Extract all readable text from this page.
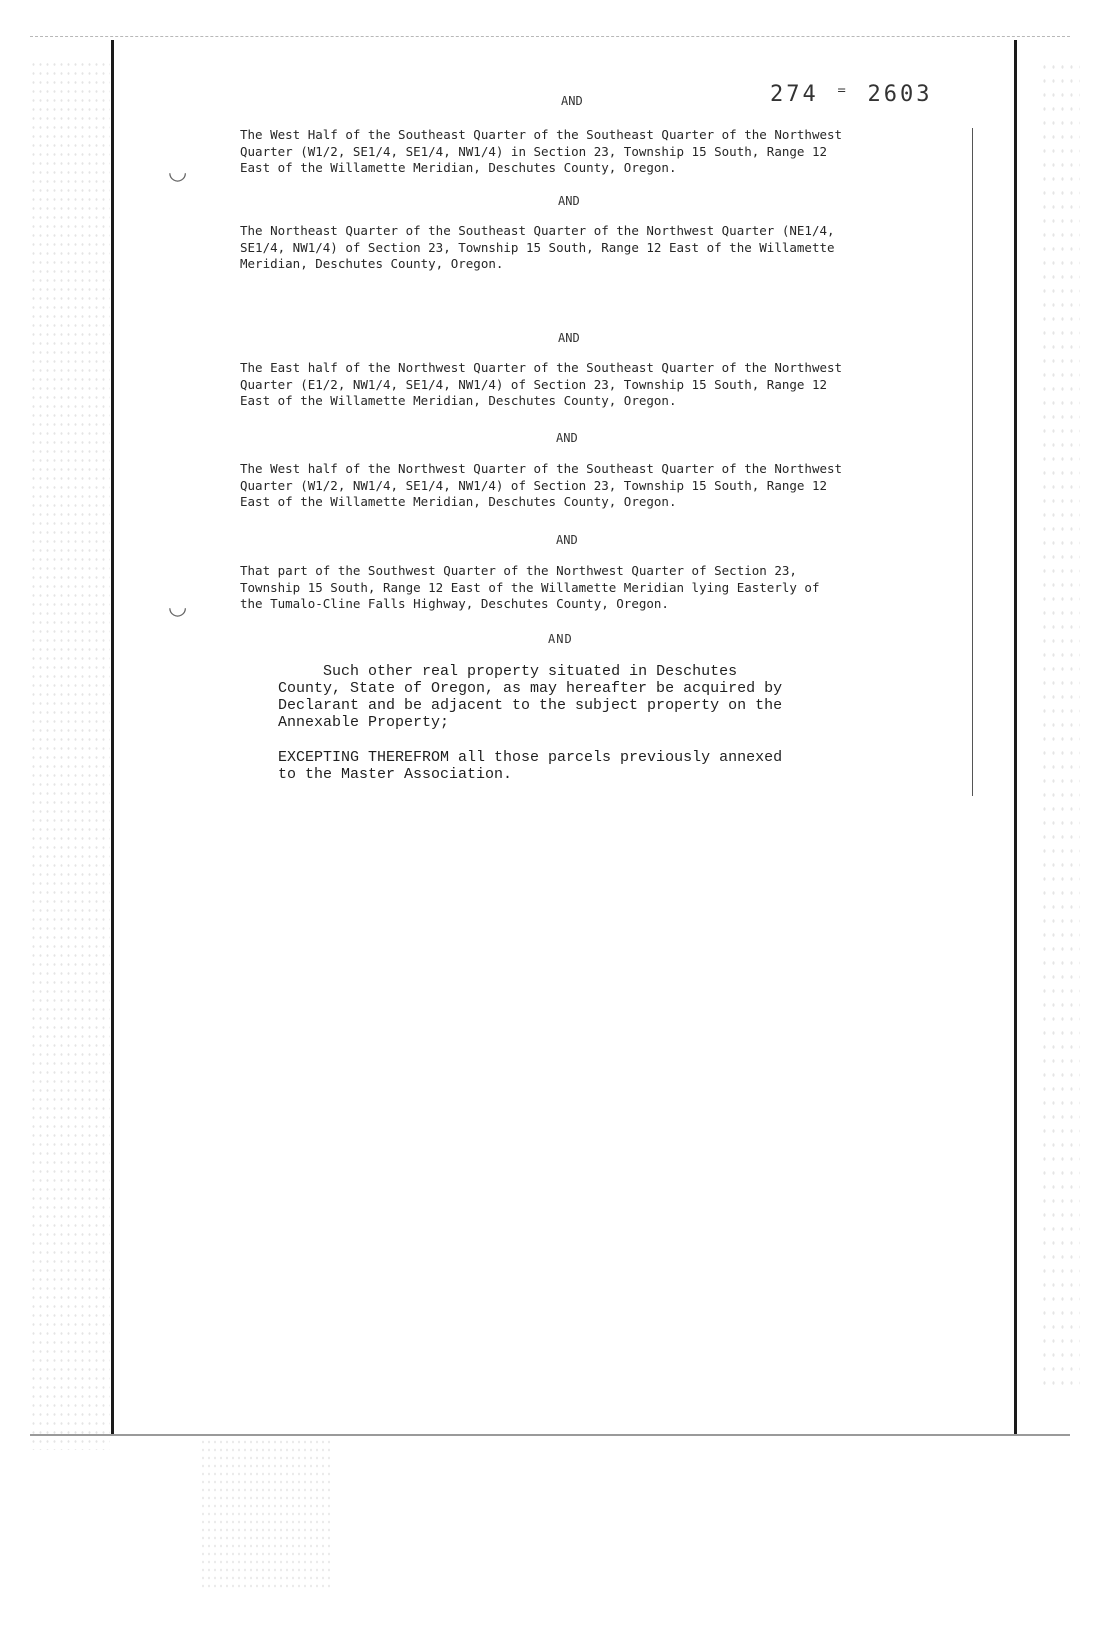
◡
◡
274 ⁼ 2603
AND
The West Half of the Southeast Quarter of the Southeast Quarter of the Northwest
Quarter (W1/2, SE1/4, SE1/4, NW1/4) in Section 23, Township 15 South, Range 12
East of the Willamette Meridian, Deschutes County, Oregon.
AND
The Northeast Quarter of the Southeast Quarter of the Northwest Quarter (NE1/4,
SE1/4, NW1/4) of Section 23, Township 15 South, Range 12 East of the Willamette
Meridian, Deschutes County, Oregon.
AND
The East half of the Northwest Quarter of the Southeast Quarter of the Northwest
Quarter (E1/2, NW1/4, SE1/4, NW1/4) of Section 23, Township 15 South, Range 12
East of the Willamette Meridian, Deschutes County, Oregon.
AND
The West half of the Northwest Quarter of the Southeast Quarter of the Northwest
Quarter (W1/2, NW1/4, SE1/4, NW1/4) of Section 23, Township 15 South, Range 12
East of the Willamette Meridian, Deschutes County, Oregon.
AND
That part of the Southwest Quarter of the Northwest Quarter of Section 23,
Township 15 South, Range 12 East of the Willamette Meridian lying Easterly of
the Tumalo-Cline Falls Highway, Deschutes County, Oregon.
AND
Such other real property situated in Deschutes
County, State of Oregon, as may hereafter be acquired by
Declarant and be adjacent to the subject property on the
Annexable Property;
EXCEPTING THEREFROM all those parcels previously annexed
to the Master Association.
